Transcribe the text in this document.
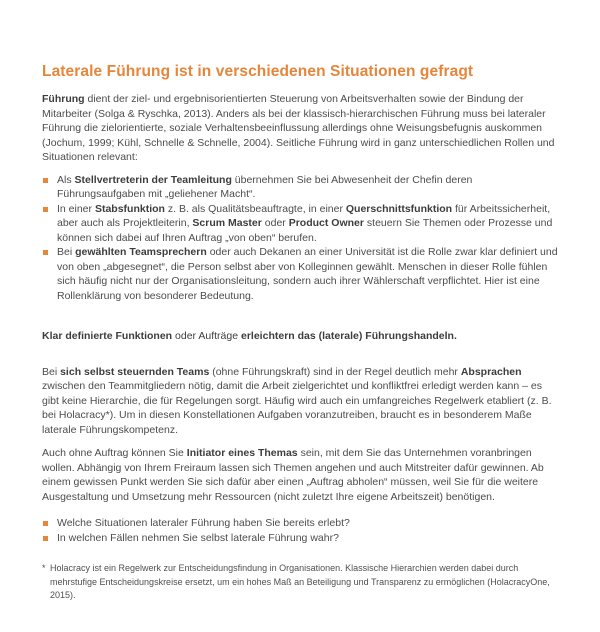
Laterale Führung ist in verschiedenen Situationen gefragt

Führung dient der ziel- und ergebnisorientierten Steuerung von Arbeitsverhalten sowie der Bindung der Mitarbeiter (Solga & Ryschka, 2013). Anders als bei der klassisch-hierarchischen Führung muss bei lateraler Führung die zielorientierte, soziale Verhaltensbeeinflussung allerdings ohne Weisungsbefugnis auskommen (Jochum, 1999; Kühl, Schnelle & Schnelle, 2004). Seitliche Führung wird in ganz unterschiedlichen Rollen und Situationen relevant:

Als Stellvertreterin der Teamleitung übernehmen Sie bei Abwesenheit der Chefin deren Führungsaufgaben mit „geliehener Macht“.
In einer Stabsfunktion z. B. als Qualitätsbeauftragte, in einer Querschnittsfunktion für Arbeitssicherheit, aber auch als Projektleiterin, Scrum Master oder Product Owner steuern Sie Themen oder Prozesse und können sich dabei auf Ihren Auftrag „von oben“ berufen.
Bei gewählten Teamsprechern oder auch Dekanen an einer Universität ist die Rolle zwar klar definiert und von oben „abgesegnet“, die Person selbst aber von Kolleginnen gewählt. Menschen in dieser Rolle fühlen sich häufig nicht nur der Organisationsleitung, sondern auch ihrer Wählerschaft verpflichtet. Hier ist eine Rollenklärung von besonderer Bedeutung.

Klar definierte Funktionen oder Aufträge erleichtern das (laterale) Führungshandeln.

Bei sich selbst steuernden Teams (ohne Führungskraft) sind in der Regel deutlich mehr Absprachen zwischen den Teammitgliedern nötig, damit die Arbeit zielgerichtet und konfliktfrei erledigt werden kann – es gibt keine Hierarchie, die für Regelungen sorgt. Häufig wird auch ein umfangreiches Regelwerk etabliert (z. B. bei Holacracy*). Um in diesen Konstellationen Aufgaben voranzutreiben, braucht es in besonderem Maße laterale Führungskompetenz.

Auch ohne Auftrag können Sie Initiator eines Themas sein, mit dem Sie das Unternehmen voranbringen wollen. Abhängig von Ihrem Freiraum lassen sich Themen angehen und auch Mitstreiter dafür gewinnen. Ab einem gewissen Punkt werden Sie sich dafür aber einen „Auftrag abholen“ müssen, weil Sie für die weitere Ausgestaltung und Umsetzung mehr Ressourcen (nicht zuletzt Ihre eigene Arbeitszeit) benötigen.

Welche Situationen lateraler Führung haben Sie bereits erlebt?
In welchen Fällen nehmen Sie selbst laterale Führung wahr?
* Holacracy ist ein Regelwerk zur Entscheidungsfindung in Organisationen. Klassische Hierarchien werden dabei durch mehrstufige Entscheidungskreise ersetzt, um ein hohes Maß an Beteiligung und Transparenz zu ermöglichen (HolacracyOne, 2015).
